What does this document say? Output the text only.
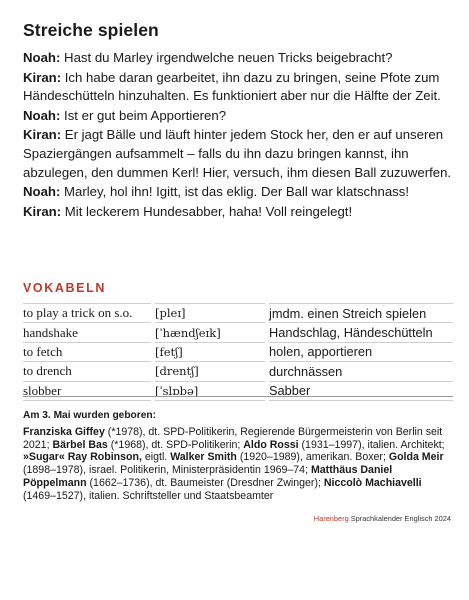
Streiche spielen

Noah: Hast du Marley irgendwelche neuen Tricks beigebracht?

Kiran: Ich habe daran gearbeitet, ihn dazu zu bringen, seine Pfote zum Händeschütteln hinzuhalten. Es funktioniert aber nur die Hälfte der Zeit.

Noah: Ist er gut beim Apportieren?

Kiran: Er jagt Bälle und läuft hinter jedem Stock her, den er auf unseren Spaziergängen aufsammelt – falls du ihn dazu bringen kannst, ihn abzulegen, den dummen Kerl! Hier, versuch, ihm diesen Ball zuzuwerfen.

Noah: Marley, hol ihn! Igitt, ist das eklig. Der Ball war klatschnass!

Kiran: Mit leckerem Hundesabber, haha! Voll reingelegt!

VOKABELN
to play a trick on s.o.		[pleɪ]		jmdm. einen Streich spielen
handshake		[ˈhændʃeɪk]		Handschlag, Händeschütteln
to fetch		[fetʃ]		holen, apportieren
to drench		[drentʃ]		durchnässen
slobber		[ˈslɒbə]		Sabber
Am 3. Mai wurden geboren:
Franziska Giffey (*1978), dt. SPD-Politikerin, Regierende Bürgermeisterin von Berlin seit 2021; Bärbel Bas (*1968), dt. SPD-Politikerin; Aldo Rossi (1931–1997), italien. Architekt; »Sugar« Ray Robinson, eigtl. Walker Smith (1920–1989), amerikan. Boxer; Golda Meir (1898–1978), israel. Politikerin, Ministerpräsidentin 1969–74; Matthäus Daniel Pöppelmann (1662–1736), dt. Baumeister (Dresdner Zwinger); Niccolò Machiavelli (1469–1527), italien. Schriftsteller und Staatsbeamter
Harenberg Sprachkalender Englisch 2024
